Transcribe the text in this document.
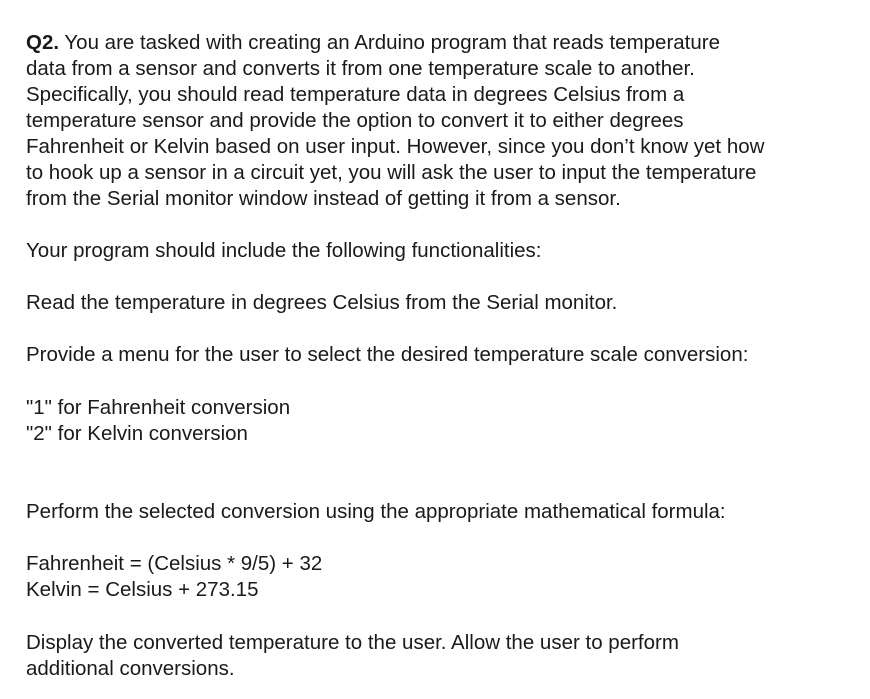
Q2. You are tasked with creating an Arduino program that reads temperature
data from a sensor and converts it from one temperature scale to another.
Specifically, you should read temperature data in degrees Celsius from a
temperature sensor and provide the option to convert it to either degrees
Fahrenheit or Kelvin based on user input. However, since you don’t know yet how
to hook up a sensor in a circuit yet, you will ask the user to input the temperature
from the Serial monitor window instead of getting it from a sensor.

Your program should include the following functionalities:

Read the temperature in degrees Celsius from the Serial monitor.

Provide a menu for the user to select the desired temperature scale conversion:

"1" for Fahrenheit conversion
"2" for Kelvin conversion

Perform the selected conversion using the appropriate mathematical formula:

Fahrenheit = (Celsius * 9/5) + 32
Kelvin = Celsius + 273.15

Display the converted temperature to the user. Allow the user to perform
additional conversions.
